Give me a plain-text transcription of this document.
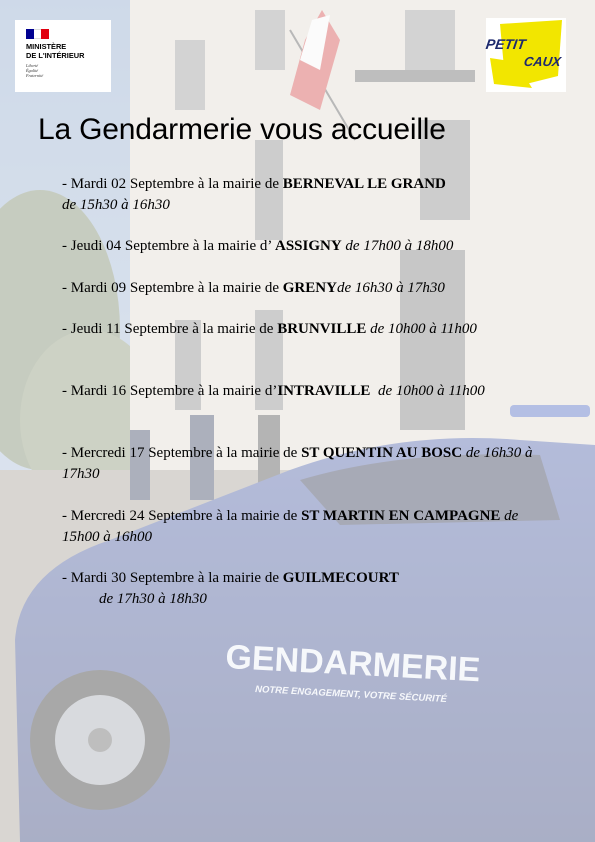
MINISTÈRE
DE L'INTÉRIEUR
Liberté
Égalité
Fraternité
PETIT
CAUX
La Gendarmerie vous accueille
- Mardi 02 Septembre à la mairie de BERNEVAL LE GRAND
de 15h30 à 16h30
- Jeudi 04 Septembre à la mairie d’ ASSIGNY de 17h00 à 18h00
- Mardi 09 Septembre à la mairie de GRENYde 16h30 à 17h30
- Jeudi 11 Septembre à la mairie de BRUNVILLE de 10h00 à 11h00
- Mardi 16 Septembre à la mairie d’INTRAVILLE de 10h00 à 11h00
- Mercredi 17 Septembre à la mairie de ST QUENTIN AU BOSC de 16h30 à 17h30
- Mercredi 24 Septembre à la mairie de ST MARTIN EN CAMPAGNE de 15h00 à 16h00
- Mardi 30 Septembre à la mairie de GUILMECOURT
de 17h30 à 18h30
